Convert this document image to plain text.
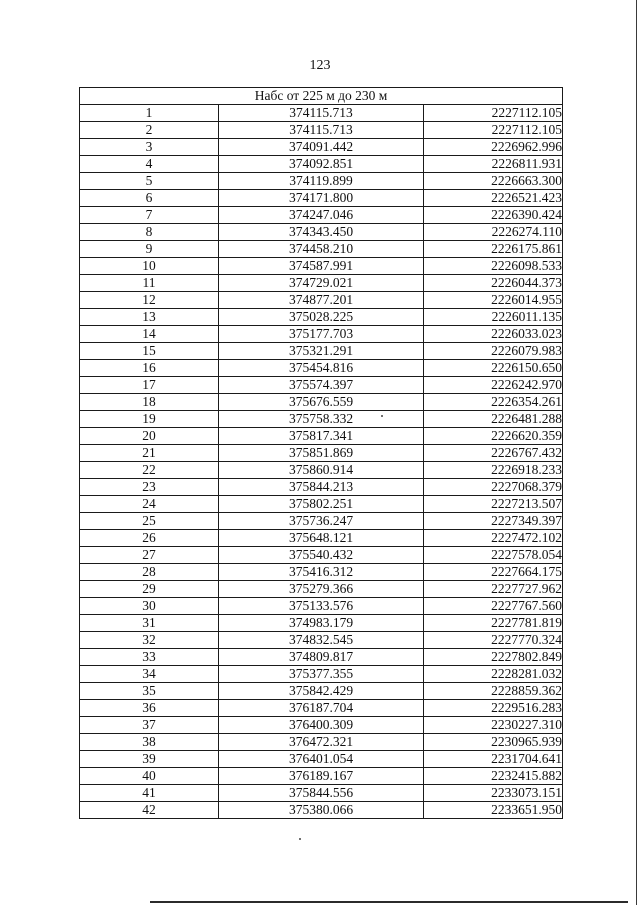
123
Набс от 225 м до 230 м		
1	374115.713	2227112.105
2	374115.713	2227112.105
3	374091.442	2226962.996
4	374092.851	2226811.931
5	374119.899	2226663.300
6	374171.800	2226521.423
7	374247.046	2226390.424
8	374343.450	2226274.110
9	374458.210	2226175.861
10	374587.991	2226098.533
11	374729.021	2226044.373
12	374877.201	2226014.955
13	375028.225	2226011.135
14	375177.703	2226033.023
15	375321.291	2226079.983
16	375454.816	2226150.650
17	375574.397	2226242.970
18	375676.559	2226354.261
19	375758.332	2226481.288
20	375817.341	2226620.359
21	375851.869	2226767.432
22	375860.914	2226918.233
23	375844.213	2227068.379
24	375802.251	2227213.507
25	375736.247	2227349.397
26	375648.121	2227472.102
27	375540.432	2227578.054
28	375416.312	2227664.175
29	375279.366	2227727.962
30	375133.576	2227767.560
31	374983.179	2227781.819
32	374832.545	2227770.324
33	374809.817	2227802.849
34	375377.355	2228281.032
35	375842.429	2228859.362
36	376187.704	2229516.283
37	376400.309	2230227.310
38	376472.321	2230965.939
39	376401.054	2231704.641
40	376189.167	2232415.882
41	375844.556	2233073.151
42	375380.066	2233651.950
